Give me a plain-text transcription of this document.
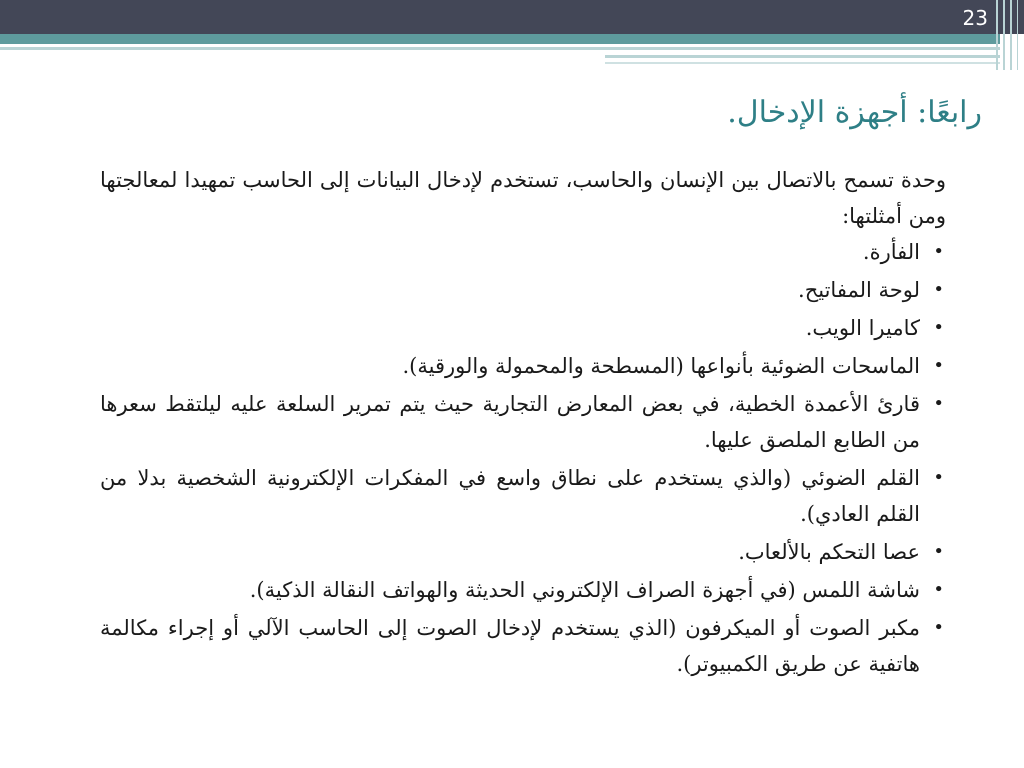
23
رابعًا: أجهزة الإدخال.

وحدة تسمح بالاتصال بين الإنسان والحاسب، تستخدم لإدخال البيانات إلى الحاسب تمهيدا لمعالجتها ومن أمثلتها:

•
الفأرة.
•
لوحة المفاتيح.
•
كاميرا الويب.
•
الماسحات الضوئية بأنواعها (المسطحة والمحمولة والورقية).
•
قارئ الأعمدة الخطية، في بعض المعارض التجارية حيث يتم تمرير السلعة عليه ليلتقط سعرها من الطابع الملصق عليها.
•
القلم الضوئي (والذي يستخدم على نطاق واسع في المفكرات الإلكترونية الشخصية بدلا من القلم العادي).
•
عصا التحكم بالألعاب.
•
شاشة اللمس (في أجهزة الصراف الإلكتروني الحديثة والهواتف النقالة الذكية).
•
مكبر الصوت أو الميكرفون (الذي يستخدم لإدخال الصوت إلى الحاسب الآلي أو إجراء مكالمة هاتفية عن طريق الكمبيوتر).
